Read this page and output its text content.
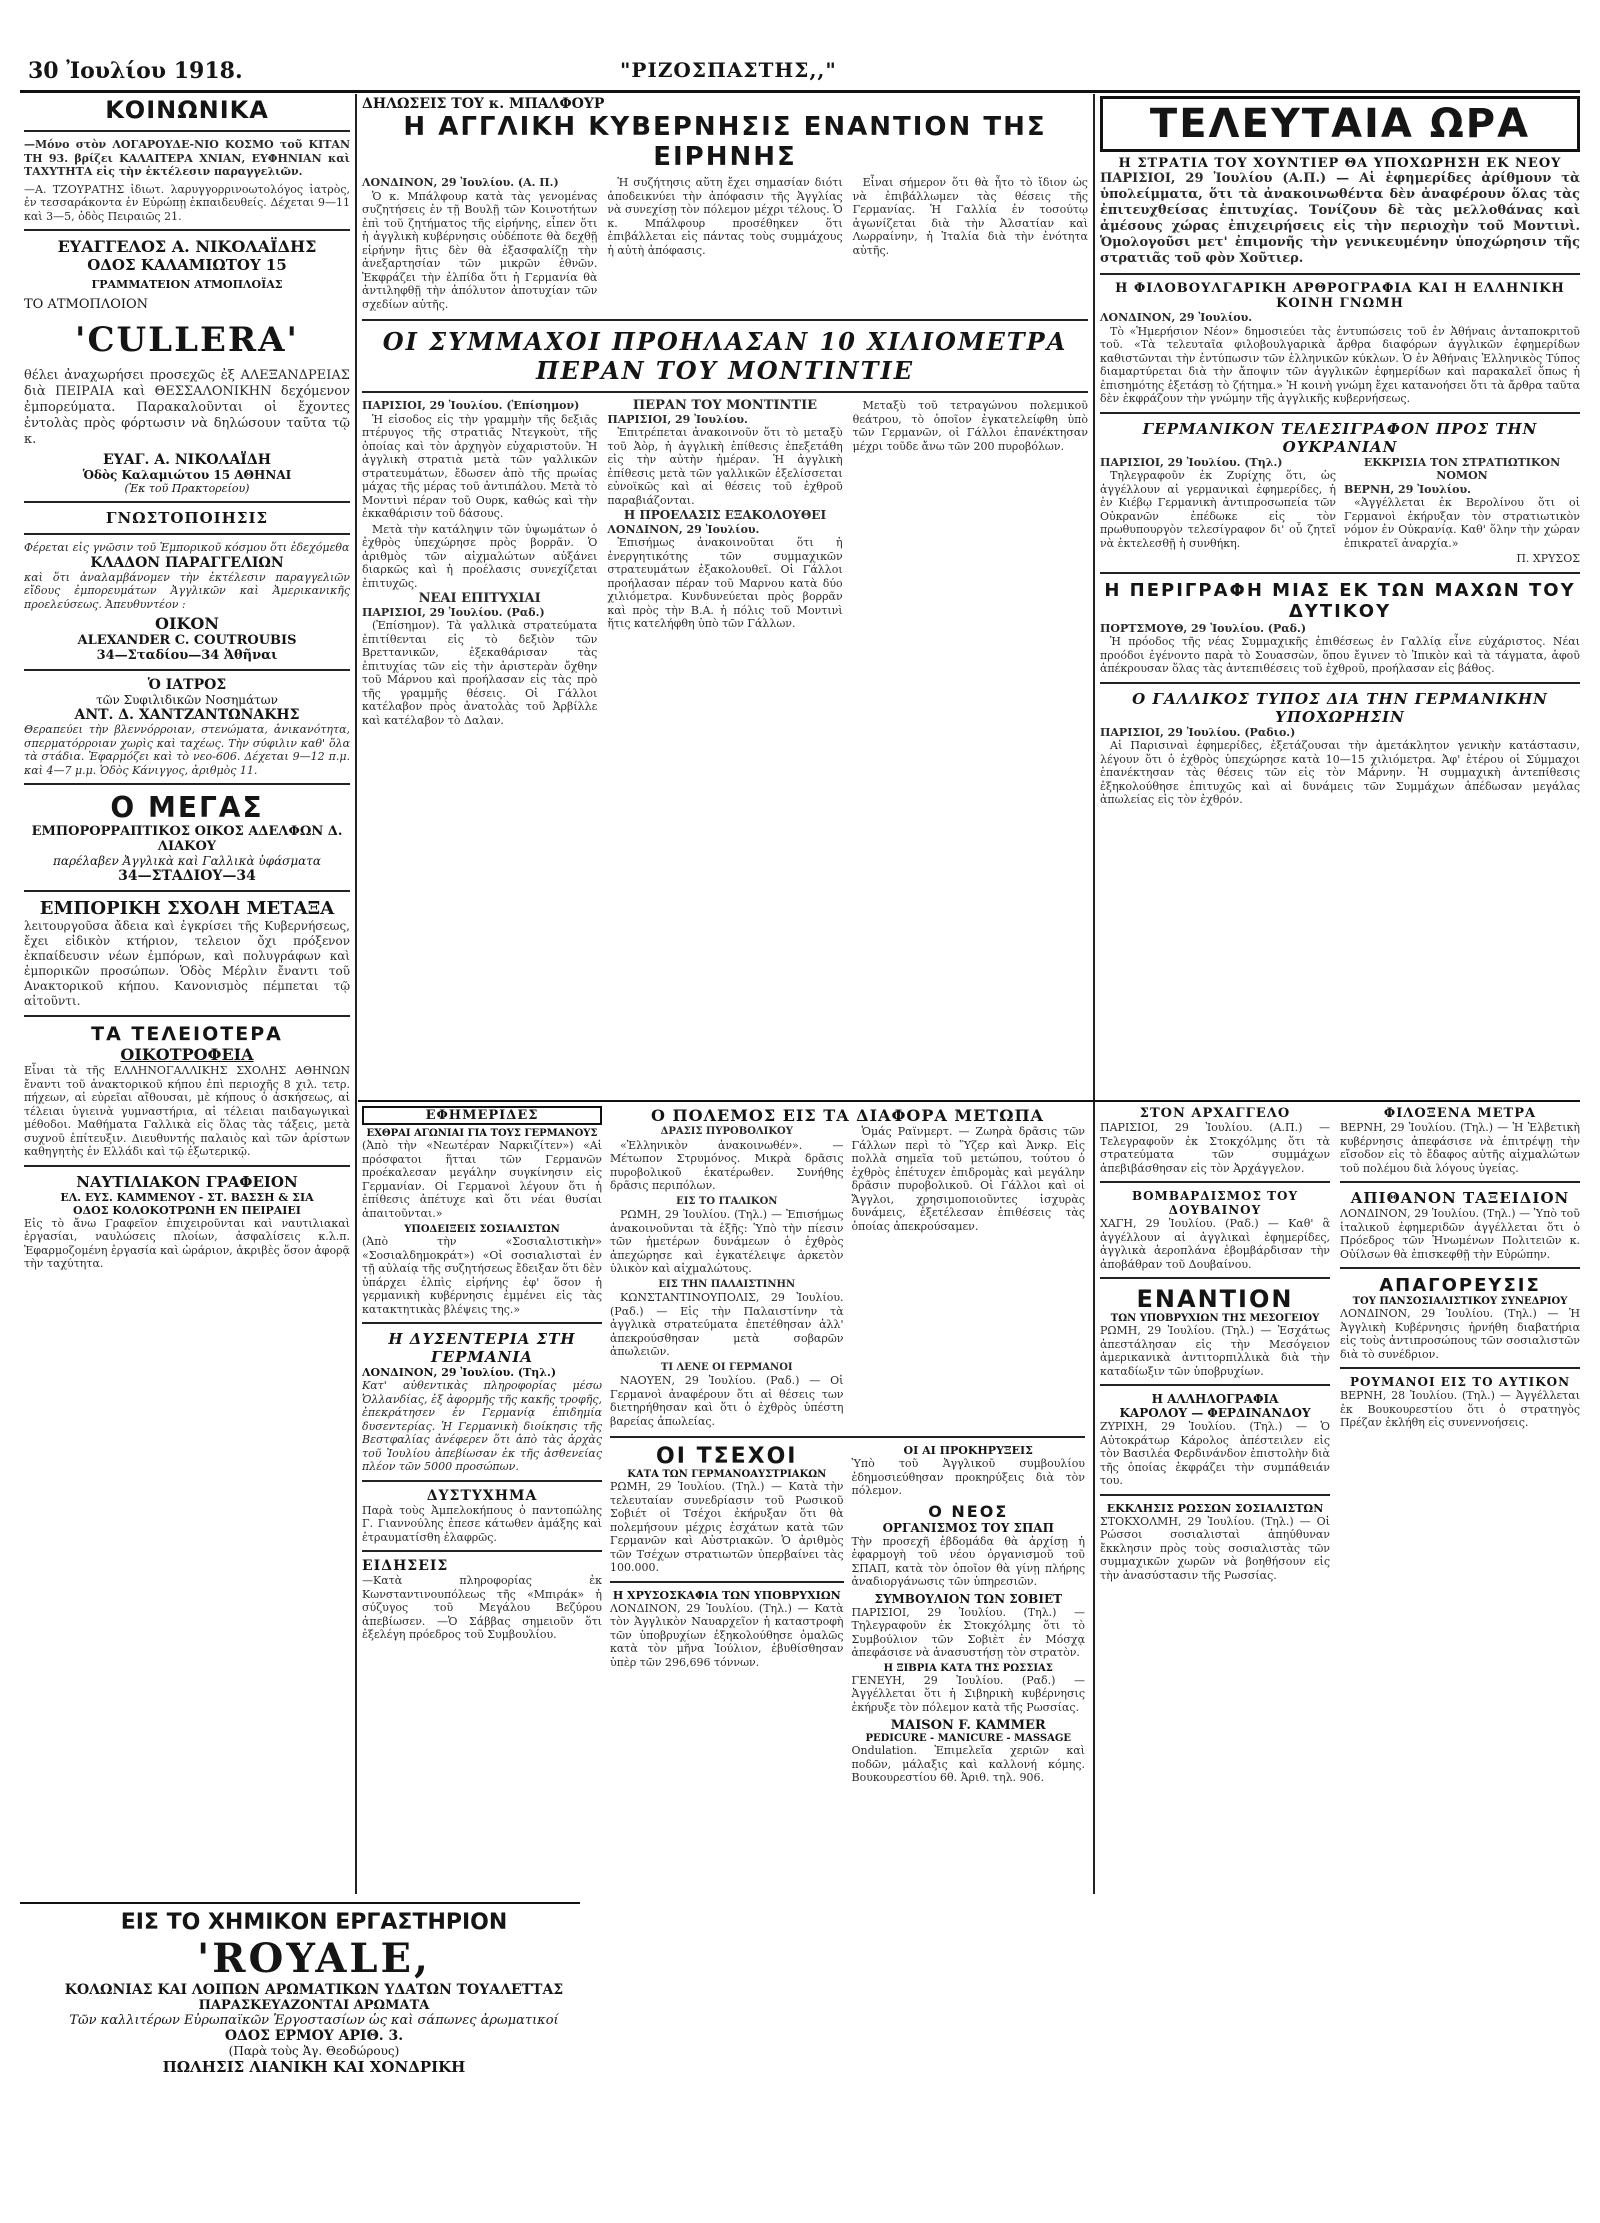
30 Ἰουλίου 1918.	"ΡΙΖΟΣΠΑΣΤΗΣ,,"
ΚΟΙΝΩΝΙΚΑ
—Μόνο στὸν ΛΟΓΑΡΟΥΔΕ-ΝΙΟ ΚΟΣΜΟ τοῦ ΚΙΤΑΝ ΤΗ 93. βρίζει ΚΑΛΑΙΤΕΡΑ ΧΝΙΑΝ, ΕΥΦΗΝΙΑΝ καὶ ΤΑΧΥΤΗΤΑ εἰς τὴν ἐκτέλεσιν παραγγελιῶν.
—Α. ΤΖΟΥΡΑΤΗΣ ἰδιωτ. λαρυγγορρινοωτολόγος ἰατρὸς, ἐν τεσσαράκοντα ἐν Εὐρώπῃ ἐκπαιδευθείς. Δέχεται 9—11 καὶ 3—5, ὁδὸς Πειραιῶς 21.
ΕΥΑΓΓΕΛΟΣ Α. ΝΙΚΟΛΑΪΔΗΣ
ΟΔΟΣ ΚΑΛΑΜΙΩΤΟΥ 15
ΓΡΑΜΜΑΤΕΙΟΝ ΑΤΜΟΠΛΟΪΑΣ
ΤΟ ΑΤΜΟΠΛΟΙΟΝ
'CULLERA'
θέλει ἀναχωρήσει προσεχῶς ἐξ ΑΛΕΞΑΝΔΡΕΙΑΣ διὰ ΠΕΙΡΑΙΑ καὶ ΘΕΣΣΑΛΟΝΙΚΗΝ δεχόμενον ἐμπορεύματα. Παρακαλοῦνται οἱ ἔχοντες ἐντολὰς πρὸς φόρτωσιν νὰ δηλώσουν ταῦτα τῷ κ.
ΕΥΑΓ. Α. ΝΙΚΟΛΑΪΔΗ
Ὁδὸς Καλαμιώτου 15 ΑΘΗΝΑΙ
(Ἐκ τοῦ Πρακτορείου)
ΓΝΩΣΤΟΠΟΙΗΣΙΣ
Φέρεται εἰς γνῶσιν τοῦ Ἐμπορικοῦ κόσμου ὅτι ἐδεχόμεθα
ΚΛΑΔΟΝ ΠΑΡΑΓΓΕΛΙΩΝ
καὶ ὅτι ἀναλαμβάνομεν τὴν ἐκτέλεσιν παραγγελιῶν εἴδους ἐμπορευμάτων Ἀγγλικῶν καὶ Ἀμερικανικῆς προελεύσεως. Ἀπευθυντέον :
ΟΙΚΟΝ
ALEXANDER C. COUTROUBIS
34—Σταδίου—34 Ἀθῆναι
Ὁ ΙΑΤΡΟΣ
τῶν Συφιλιδικῶν Νοσημάτων
ΑΝΤ. Δ. ΧΑΝΤΖΑΝΤΩΝΑΚΗΣ
Θεραπεύει τὴν βλεννόρροιαν, στενώματα, ἀνικανότητα, σπερματόρροιαν χωρὶς καὶ ταχέως. Τὴν σύφιλιν καθ' ὅλα τὰ στάδια. Ἐφαρμόζει καὶ τὸ νεο-606. Δέχεται 9—12 π.μ. καὶ 4—7 μ.μ. Ὁδὸς Κάνιγγος, ἀριθμὸς 11.
Ο ΜΕΓΑΣ
ΕΜΠΟΡΟΡΡΑΠΤΙΚΟΣ ΟΙΚΟΣ ΑΔΕΛΦΩΝ Δ. ΛΙΑΚΟΥ
παρέλαβεν Ἀγγλικὰ καὶ Γαλλικὰ ὑφάσματα
34—ΣΤΑΔΙΟΥ—34
ΕΜΠΟΡΙΚΗ ΣΧΟΛΗ ΜΕΤΑΞΑ
λειτουργοῦσα ἄδεια καὶ ἐγκρίσει τῆς Κυβερνήσεως, ἔχει εἰδικὸν κτήριον, τελειον ὄχι πρόξενον ἐκπαίδευσιν νέων ἐμπόρων, καὶ πολυγράφων καὶ ἐμπορικῶν προσώπων. Ὁδὸς Μέρλιν ἔναντι τοῦ Ανακτορικοῦ κήπου. Κανονισμὸς πέμπεται τῷ αἰτοῦντι.
ΤΑ ΤΕΛΕΙΟΤΕΡΑ
ΟΙΚΟΤΡΟΦΕΙΑ
Εἶναι τὰ τῆς ΕΛΛΗΝΟΓΑΛΛΙΚΗΣ ΣΧΟΛΗΣ ΑΘΗΝΩΝ ἔναντι τοῦ ἀνακτορικοῦ κήπου ἐπὶ περιοχῆς 8 χιλ. τετρ. πήχεων, αἱ εὐρεῖαι αἴθουσαι, μὲ κήπους ὁ ἀσκήσεως, αἱ τέλειαι ὑγιεινὰ γυμναστήρια, αἱ τέλειαι παιδαγωγικαὶ μέθοδοι. Μαθήματα Γαλλικὰ εἰς ὅλας τὰς τάξεις, μετὰ συχνοῦ ἐπίτευξιν. Διευθυντής παλαιὸς καὶ τῶν ἀρίστων καθηγητὴς ἐν Ελλάδι καὶ τῷ ἐξωτερικῷ.
ΝΑΥΤΙΛΙΑΚΟΝ ΓΡΑΦΕΙΟΝ
ΕΛ. ΕΥΣ. ΚΑΜΜΕΝΟΥ - ΣΤ. ΒΑΣΣΗ & ΣΙΑ
ΟΔΟΣ ΚΟΛΟΚΟΤΡΩΝΗ ΕΝ ΠΕΙΡΑΙΕΙ
Εἰς τὸ ἄνω Γραφεῖον ἐπιχειροῦνται καὶ ναυτιλιακαὶ ἐργασίαι, ναυλώσεις πλοίων, ἀσφαλίσεις κ.λ.π. Ἐφαρμοζομένη ἐργασία καὶ ὠράριον, ἀκριβὲς ὅσον ἀφορᾷ τὴν ταχύτητα.
ΔΗΛΩΣΕΙΣ ΤΟΥ κ. ΜΠΑΛΦΟΥΡ
Η ΑΓΓΛΙΚΗ ΚΥΒΕΡΝΗΣΙΣ ΕΝΑΝΤΙΟΝ ΤΗΣ ΕΙΡΗΝΗΣ
ΛΟΝΔΙΝΟΝ, 29 Ἰουλίου. (Α. Π.)

Ὁ κ. Μπάλφουρ κατὰ τὰς γενομένας συζητήσεις ἐν τῇ Βουλῇ τῶν Κοινοτήτων ἐπὶ τοῦ ζητήματος τῆς εἰρήνης, εἶπεν ὅτι ἡ ἀγγλικὴ κυβέρνησις οὐδέποτε θὰ δεχθῇ εἰρήνην ἣτις δὲν θὰ ἐξασφαλίζῃ τὴν ἀνεξαρτησίαν τῶν μικρῶν ἐθνῶν. Ἐκφράζει τὴν ἐλπίδα ὅτι ἡ Γερμανία θὰ ἀντιληφθῇ τὴν ἀπόλυτον ἀποτυχίαν τῶν σχεδίων αὐτῆς.

Ἡ συζήτησις αὕτη ἔχει σημασίαν διότι ἀποδεικνύει τὴν ἀπόφασιν τῆς Ἀγγλίας νὰ συνεχίσῃ τὸν πόλεμον μέχρι τέλους. Ὁ κ. Μπάλφουρ προσέθηκεν ὅτι ἐπιβάλλεται εἰς πάντας τοὺς συμμάχους ἡ αὐτὴ ἀπόφασις.

Εἶναι σήμερον ὅτι θὰ ἦτο τὸ ἴδιον ὡς νὰ ἐπιβάλλωμεν τὰς θέσεις τῆς Γερμανίας. Ἡ Γαλλία ἐν τοσούτῳ ἀγωνίζεται διὰ τὴν Ἀλσατίαν καὶ Λωρραίνην, ἡ Ἰταλία διὰ τὴν ἐνότητα αὐτῆς.

ΟΙ ΣΥΜΜΑΧΟΙ ΠΡΟΗΛΑΣΑΝ 10 ΧΙΛΙΟΜΕΤΡΑ ΠΕΡΑΝ ΤΟΥ ΜΟΝΤΙΝΤΙΕ
ΠΑΡΙΣΙΟΙ, 29 Ἰουλίου. (Ἐπίσημον)

Ἡ εἰσοδος εἰς τὴν γραμμὴν τῆς δεξιᾶς πτέρυγος τῆς στρατιᾶς Ντεγκοὺτ, τῆς ὁποίας καὶ τὸν ἀρχηγὸν εὐχαριστοῦν. Ἡ ἀγγλικὴ στρατιὰ μετὰ τῶν γαλλικῶν στρατευμάτων, ἔδωσεν ἀπὸ τῆς πρωίας μάχας τῆς μέρας τοῦ ἀντιπάλου. Μετὰ τὸ Μοντινὶ πέραν τοῦ Ουρκ, καθώς καὶ τὴν ἐκκαθάρισιν τοῦ δάσους.

Μετὰ τὴν κατάληψιν τῶν ὑψωμάτων ὁ ἐχθρὸς ὑπεχώρησε πρὸς βορρᾶν. Ὁ ἀριθμὸς τῶν αἰχμαλώτων αὐξάνει διαρκῶς καὶ ἡ προέλασις συνεχίζεται ἐπιτυχῶς.

ΝΕΑΙ ΕΠΙΤΥΧΙΑΙ
ΠΑΡΙΣΙΟΙ, 29 Ἰουλίου. (Ραδ.)

(Ἐπίσημον). Τὰ γαλλικὰ στρατεύματα ἐπιτίθενται εἰς τὸ δεξιὸν τῶν Βρεττανικῶν, ἐξεκαθάρισαν τὰς ἐπιτυχίας τῶν εἰς τὴν ἀριστερὰν ὄχθην τοῦ Μάρνου καὶ προήλασαν εἰς τὰς πρὸ τῆς γραμμῆς θέσεις. Οἱ Γάλλοι κατέλαβον πρὸς ἀνατολὰς τοῦ Ἀρβίλλε καὶ κατέλαβον τὸ Δαλαν.

ΠΕΡΑΝ ΤΟΥ ΜΟΝΤΙΝΤΙΕ
ΠΑΡΙΣΙΟΙ, 29 Ἰουλίου.

Ἐπιτρέπεται ἀνακοινοῦν ὅτι τὸ μεταξὺ τοῦ Ἀὸρ, ἡ ἀγγλικὴ ἐπίθεσις ἐπεξετάθη εἰς τὴν αὐτὴν ἡμέραν. Ἡ ἀγγλικὴ ἐπίθεσις μετὰ τῶν γαλλικῶν ἐξελίσσεται εὐνοϊκῶς καὶ αἱ θέσεις τοῦ ἐχθροῦ παραβιάζονται.

Η ΠΡΟΕΛΑΣΙΣ ΕΞΑΚΟΛΟΥΘΕΙ
ΛΟΝΔΙΝΟΝ, 29 Ἰουλίου.

Ἐπισήμως ἀνακοινοῦται ὅτι ἡ ἐνεργητικότης τῶν συμμαχικῶν στρατευμάτων ἐξακολουθεῖ. Οἱ Γάλλοι προήλασαν πέραν τοῦ Μαρνου κατὰ δύο χιλιόμετρα. Κυνδυνεύεται πρὸς βορρᾶν καὶ πρὸς τὴν Β.Α. ἡ πόλις τοῦ Μοντινὶ ἥτις κατελήφθη ὑπὸ τῶν Γάλλων.

Μεταξὺ τοῦ τετραγώνου πολεμικοῦ θεάτρου, τὸ ὁποῖον ἐγκατελείφθη ὑπὸ τῶν Γερμανῶν, οἱ Γάλλοι ἐπανέκτησαν μέχρι τοῦδε ἄνω τῶν 200 πυροβόλων.

ΤΕΛΕΥΤΑΙΑ ΩΡΑ
Η ΣΤΡΑΤΙΑ ΤΟΥ ΧΟΥΝΤΙΕΡ ΘΑ ΥΠΟΧΩΡΗΣΗ ΕΚ ΝΕΟΥ
ΠΑΡΙΣΙΟΙ, 29 Ἰουλίου (Α.Π.) — Αἱ ἐφημερίδες ἀρίθμουν τὰ ὑπολείμματα, ὅτι τὰ ἀνακοινωθέντα δὲν ἀναφέρουν ὅλας τὰς ἐπιτευχθείσας ἐπιτυχίας. Τονίζουν δὲ τὰς μελλοθάνας καὶ ἀμέσους χώρας ἐπιχειρήσεις εἰς τὴν περιοχὴν τοῦ Μοντινὶ. Ὁμολογοῦσι μετ' ἐπιμονῆς τὴν γενικευμένην ὑποχώρησιν τῆς στρατιᾶς τοῦ φὸν Χοῦτιερ.
Η ΦΙΛΟΒΟΥΛΓΑΡΙΚΗ ΑΡΘΡΟΓΡΑΦΙΑ ΚΑΙ Η ΕΛΛΗΝΙΚΗ ΚΟΙΝΗ ΓΝΩΜΗ
ΛΟΝΔΙΝΟΝ, 29 Ἰουλίου.

Τὸ «Ἡμερήσιον Νέον» δημοσιεύει τὰς ἐντυπώσεις τοῦ ἐν Ἀθήναις ἀνταποκριτοῦ τοῦ. «Τὰ τελευταῖα φιλοβουλγαρικὰ ἄρθρα διαφόρων ἀγγλικῶν ἐφημερίδων καθιστῶνται τὴν ἐντύπωσιν τῶν ἑλληνικῶν κύκλων. Ὁ ἐν Ἀθήναις Ἑλληνικὸς Τύπος διαμαρτύρεται διὰ τὴν ἄποψιν τῶν ἀγγλικῶν ἐφημερίδων καὶ παρακαλεῖ ὅπως ἡ ἐπισημότης ἐξετάσῃ τὸ ζήτημα.» Ἡ κοινὴ γνώμη ἔχει κατανοήσει ὅτι τὰ ἄρθρα ταῦτα δὲν ἐκφράζουν τὴν γνώμην τῆς ἀγγλικῆς κυβερνήσεως.

ΓΕΡΜΑΝΙΚΟΝ ΤΕΛΕΣΙΓΡΑΦΟΝ ΠΡΟΣ ΤΗΝ ΟΥΚΡΑΝΙΑΝ
ΠΑΡΙΣΙΟΙ, 29 Ἰουλίου. (Τηλ.)

Τηλεγραφοῦν ἐκ Ζυρίχης ὅτι, ὡς ἀγγέλλουν αἱ γερμανικαὶ ἐφημερίδες, ἡ ἐν Κιέβῳ Γερμανικὴ ἀντιπροσωπεία τῶν Οὐκρανῶν ἐπέδωκε εἰς τὸν πρωθυπουργὸν τελεσίγραφον δι' οὗ ζητεῖ νὰ ἐκτελεσθῇ ἡ συνθήκη.

ΕΚΚΡΙΣΙΑ ΤΟΝ ΣΤΡΑΤΙΩΤΙΚΟΝ ΝΟΜΟΝ
ΒΕΡΝΗ, 29 Ἰουλίου.

«Ἀγγέλλεται ἐκ Βερολίνου ὅτι οἱ Γερμανοὶ ἐκήρυξαν τὸν στρατιωτικὸν νόμον ἐν Οὐκρανίᾳ. Καθ' ὅλην τὴν χώραν ἐπικρατεῖ ἀναρχία.»

Π. ΧΡΥΣΟΣ
Η ΠΕΡΙΓΡΑΦΗ ΜΙΑΣ ΕΚ ΤΩΝ ΜΑΧΩΝ ΤΟΥ ΔΥΤΙΚΟΥ
ΠΟΡΤΣΜΟΥΘ, 29 Ἰουλίου. (Ραδ.)

Ἡ πρόοδος τῆς νέας Συμμαχικῆς ἐπιθέσεως ἐν Γαλλίᾳ εἶνε εὐχάριστος. Νέαι προόδοι ἐγένοντο παρὰ τὸ Σουασσὼν, ὅπου ἔγινεν τὸ Ἰπικὸν καὶ τὰ τάγματα, ἀφοῦ ἀπέκρουσαν ὅλας τὰς ἀντεπιθέσεις τοῦ ἐχθροῦ, προήλασαν εἰς βάθος.

Ο ΓΑΛΛΙΚΟΣ ΤΥΠΟΣ ΔΙΑ ΤΗΝ ΓΕΡΜΑΝΙΚΗΝ ΥΠΟΧΩΡΗΣΙΝ
ΠΑΡΙΣΙΟΙ, 29 Ἰουλίου. (Ραδιο.)

Αἱ Παρισιναὶ ἐφημερίδες, ἐξετάζουσαι τὴν ἀμετάκλητον γενικὴν κατάστασιν, λέγουν ὅτι ὁ ἐχθρὸς ὑπεχώρησε κατὰ 10—15 χιλιόμετρα. Ἀφ' ἑτέρου οἱ Σύμμαχοι ἐπανέκτησαν τὰς θέσεις τῶν εἰς τὸν Μάρνην. Ἡ συμμαχικὴ ἀντεπίθεσις ἐξηκολούθησε ἐπιτυχῶς καὶ αἱ δυνάμεις τῶν Συμμάχων ἀπέδωσαν μεγάλας ἀπωλείας εἰς τὸν ἐχθρόν.

ΕΦΗΜΕΡΙΔΕΣ
ΕΧΘΡΑΙ ΑΓΩΝΙΑΙ ΓΙΑ ΤΟΥΣ ΓΕΡΜΑΝΟΥΣ
(Ἀπὸ τὴν «Νεωτέραν Ναρκιζίτεν») «Αἱ πρόσφατοι ἥτται τῶν Γερμανῶν προέκαλεσαν μεγάλην συγκίνησιν εἰς Γερμανίαν. Οἱ Γερμανοὶ λέγουν ὅτι ἡ ἐπίθεσις ἀπέτυχε καὶ ὅτι νέαι θυσίαι ἀπαιτοῦνται.»
ΥΠΟΔΕΙΞΕΙΣ ΣΟΣΙΑΛΙΣΤΩΝ
(Ἀπὸ τὴν «Σοσιαλιστικὴν» «Σοσιαλδημοκράτ») «Οἱ σοσιαλισταὶ ἐν τῇ αὐλαίᾳ τῆς συζητήσεως ἔδειξαν ὅτι δὲν ὑπάρχει ἐλπὶς εἰρήνης ἐφ' ὅσον ἡ γερμανικὴ κυβέρνησις ἐμμένει εἰς τὰς κατακτητικὰς βλέψεις της.»
Η ΔΥΣΕΝΤΕΡΙΑ ΣΤΗ ΓΕΡΜΑΝΙΑ
ΛΟΝΔΙΝΟΝ, 29 Ἰουλίου. (Τηλ.)
Κατ' αὐθεντικὰς πληροφορίας μέσω Ὁλλανδίας, ἐξ ἀφορμῆς τῆς κακῆς τροφῆς, ἐπεκράτησεν ἐν Γερμανίᾳ ἐπιδημία δυσεντερίας. Ἡ Γερμανικὴ διοίκησις τῆς Βεστφαλίας ἀνέφερεν ὅτι ἀπὸ τὰς ἀρχὰς τοῦ Ἰουλίου ἀπεβίωσαν ἐκ τῆς ἀσθενείας πλέον τῶν 5000 προσώπων.
ΔΥΣΤΥΧΗΜΑ
Παρὰ τοὺς Ἀμπελοκήπους ὁ παντοπώλης Γ. Γιαννούλης ἐπεσε κάτωθεν ἁμάξης καὶ ἐτραυματίσθη ἐλαφρῶς.
ΕΙΔΗΣΕΙΣ
—Κατὰ πληροφορίας ἐκ Κωνσταντινουπόλεως τῆς «Μπιράκ» ἡ σύζυγος τοῦ Μεγάλου Βεζύρου ἀπεβίωσεν. —Ὁ Σάββας σημειοῦν ὅτι ἐξελέγη πρόεδρος τοῦ Συμβουλίου.
Ο ΠΟΛΕΜΟΣ ΕΙΣ ΤΑ ΔΙΑΦΟΡΑ ΜΕΤΩΠΑ
ΔΡΑΣΙΣ ΠΥΡΟΒΟΛΙΚΟΥ

«Ἐλληνικὸν ἀνακοινωθέν». — Μέτωπον Στρυμόνος. Μικρὰ δρᾶσις πυροβολικοῦ ἑκατέρωθεν. Συνήθης δρᾶσις περιπόλων.

ΕΙΣ ΤΟ ΙΤΑΛΙΚΟΝ

ΡΩΜΗ, 29 Ἰουλίου. (Τηλ.) — Ἐπισήμως ἀνακοινοῦνται τὰ ἑξῆς: Ὑπὸ τὴν πίεσιν τῶν ἡμετέρων δυνάμεων ὁ ἐχθρὸς ἀπεχώρησε καὶ ἐγκατέλειψε ἀρκετὸν ὑλικὸν καὶ αἰχμαλώτους.

ΕΙΣ ΤΗΝ ΠΑΛΑΙΣΤΙΝΗΝ

ΚΩΝΣΤΑΝΤΙΝΟΥΠΟΛΙΣ, 29 Ἰουλίου. (Ραδ.) — Εἰς τὴν Παλαιστίνην τὰ ἀγγλικὰ στρατεύματα ἐπετέθησαν ἀλλ' ἀπεκρούσθησαν μετὰ σοβαρῶν ἀπωλειῶν.

ΤΙ ΛΕΝΕ ΟΙ ΓΕΡΜΑΝΟΙ

ΝΑΟΥΕΝ, 29 Ἰουλίου. (Ραδ.) — Οἱ Γερμανοὶ ἀναφέρουν ὅτι αἱ θέσεις των διετηρήθησαν καὶ ὅτι ὁ ἐχθρὸς ὑπέστη βαρείας ἀπωλείας.

Ὁμάς Ραϊνμερτ. — Ζωηρὰ δρᾶσις τῶν Γάλλων περὶ τὸ Ὕζερ καὶ Ἀνκρ. Εἰς πολλὰ σημεῖα τοῦ μετώπου, τούτου ὁ ἐχθρὸς ἐπέτυχεν ἐπιδρομὰς καὶ μεγάλην δρᾶσιν πυροβολικοῦ. Οἱ Γάλλοι καὶ οἱ Ἄγγλοι, χρησιμοποιοῦντες ἰσχυρὰς δυνάμεις, ἐξετέλεσαν ἐπιθέσεις τὰς ὁποίας ἀπεκρούσαμεν.

ΟΙ ΤΣΕΧΟΙ
ΚΑΤΑ ΤΩΝ ΓΕΡΜΑΝΟΑΥΣΤΡΙΑΚΩΝ
ΡΩΜΗ, 29 Ἰουλίου. (Τηλ.) — Κατὰ τὴν τελευταίαν συνεδρίασιν τοῦ Ρωσικοῦ Σοβιέτ οἱ Τσέχοι ἐκήρυξαν ὅτι θὰ πολεμήσουν μέχρις ἐσχάτων κατὰ τῶν Γερμανῶν καὶ Αὐστριακῶν. Ὁ ἀριθμὸς τῶν Τσέχων στρατιωτῶν ὑπερβαίνει τὰς 100.000.
Η ΧΡΥΣΟΣΚΑΦΙΑ ΤΩΝ ΥΠΟΒΡΥΧΙΩΝ
ΛΟΝΔΙΝΟΝ, 29 Ἰουλίου. (Τηλ.) — Κατὰ τὸν Ἀγγλικὸν Ναυαρχεῖον ἡ καταστροφὴ τῶν ὑποβρυχίων ἐξηκολούθησε ὁμαλῶς κατὰ τὸν μῆνα Ἰούλιον, ἐβυθίσθησαν ὑπὲρ τῶν 296,696 τόννων.
ΟΙ ΑΙ ΠΡΟΚΗΡΥΞΕΙΣ
Ὑπὸ τοῦ Ἀγγλικοῦ συμβουλίου ἐδημοσιεύθησαν προκηρύξεις διὰ τὸν πόλεμον.
Ο ΝΕΟΣ
ΟΡΓΑΝΙΣΜΟΣ ΤΟΥ ΣΠΑΠ
Τὴν προσεχῆ ἑβδομάδα θὰ ἀρχίσῃ ἡ ἐφαρμογὴ τοῦ νέου ὀργανισμοῦ τοῦ ΣΠΑΠ, κατὰ τὸν ὁποῖον θὰ γίνῃ πλήρης ἀναδιοργάνωσις τῶν ὑπηρεσιῶν.
ΣΥΜΒΟΥΛΙΟΝ ΤΩΝ ΣΟΒΙΕΤ
ΠΑΡΙΣΙΟΙ, 29 Ἰουλίου. (Τηλ.) — Τηλεγραφοῦν ἐκ Στοκχόλμης ὅτι τὸ Συμβούλιον τῶν Σοβιὲτ ἐν Μόσχᾳ ἀπεφάσισε νὰ ἀνασυστήσῃ τὸν στρατὸν.
Η ΞΙΒΡΙΑ ΚΑΤΑ ΤΗΣ ΡΩΣΣΙΑΣ
ΓΕΝΕΥΗ, 29 Ἰουλίου. (Ραδ.) — Ἀγγέλλεται ὅτι ἡ Σιβηρικὴ κυβέρνησις ἐκήρυξε τὸν πόλεμον κατὰ τῆς Ρωσσίας.
MAISON F. KAMMER
PEDICURE - MANICURE - MASSAGE
Ondulation. Ἐπιμελεῖα χεριῶν καὶ ποδῶν, μάλαξις καὶ καλλονή κόμης. Βουκουρεστίου 6θ. Ἀριθ. τηλ. 906.
ΣΤΟΝ ΑΡΧΑΓΓΕΛΟ
ΠΑΡΙΣΙΟΙ, 29 Ἰουλίου. (Α.Π.) — Τελεγραφοῦν ἐκ Στοκχόλμης ὅτι τὰ στρατεύματα τῶν συμμάχων ἀπεβιβάσθησαν εἰς τὸν Ἀρχάγγελον.
ΒΟΜΒΑΡΔΙΣΜΟΣ ΤΟΥ ΔΟΥΒΑΙΝΟΥ
ΧΑΓΗ, 29 Ἰουλίου. (Ραδ.) — Καθ' ἃ ἀγγέλλουν αἱ ἀγγλικαὶ ἐφημερίδες, ἀγγλικὰ ἀεροπλάνα ἐβομβάρδισαν τὴν ἀποβάθραν τοῦ Δουβαίνου.
ΕΝΑΝΤΙΟΝ
ΤΩΝ ΥΠΟΒΡΥΧΙΩΝ ΤΗΣ ΜΕΣΟΓΕΙΟΥ
ΡΩΜΗ, 29 Ἰουλίου. (Τηλ.) — Ἐσχάτως ἀπεστάλησαν εἰς τὴν Μεσόγειον ἀμερικανικὰ ἀντιτορπιλλικὰ διὰ τὴν καταδίωξιν τῶν ὑποβρυχίων.
Η ΑΛΛΗΛΟΓΡΑΦΙΑ
ΚΑΡΟΛΟΥ — ΦΕΡΔΙΝΑΝΔΟΥ
ΖΥΡΙΧΗ, 29 Ἰουλίου. (Τηλ.) — Ὁ Αὐτοκράτωρ Κάρολος ἀπέστειλεν εἰς τὸν Βασιλέα Φερδινάνδον ἐπιστολὴν διὰ τῆς ὁποίας ἐκφράζει τὴν συμπάθειάν του.
ΕΚΚΛΗΣΙΣ ΡΩΣΣΩΝ ΣΟΣΙΑΛΙΣΤΩΝ
ΣΤΟΚΧΟΛΜΗ, 29 Ἰουλίου. (Τηλ.) — Οἱ Ρώσσοι σοσιαλισταὶ ἀπηύθυναν ἔκκλησιν πρὸς τοὺς σοσιαλιστὰς τῶν συμμαχικῶν χωρῶν νὰ βοηθήσουν εἰς τὴν ἀνασύστασιν τῆς Ρωσσίας.
ΦΙΛΟΞΕΝΑ ΜΕΤΡΑ
ΒΕΡΝΗ, 29 Ἰουλίου. (Τηλ.) — Ἡ Ἐλβετικὴ κυβέρνησις ἀπεφάσισε νὰ ἐπιτρέψῃ τὴν εἴσοδον εἰς τὸ ἔδαφος αὐτῆς αἰχμαλώτων τοῦ πολέμου διὰ λόγους ὑγείας.
ΑΠΙΘΑΝΟΝ ΤΑΞΕΙΔΙΟΝ
ΛΟΝΔΙΝΟΝ, 29 Ἰουλίου. (Τηλ.) — Ὑπὸ τοῦ ἰταλικοῦ ἐφημεριδῶν ἀγγέλλεται ὅτι ὁ Πρόεδρος τῶν Ἡνωμένων Πολιτειῶν κ. Οὐίλσων θὰ ἐπισκεφθῇ τὴν Εὐρώπην.
ΑΠΑΓΟΡΕΥΣΙΣ
ΤΟΥ ΠΑΝΣΟΣΙΑΛΙΣΤΙΚΟΥ ΣΥΝΕΔΡΙΟΥ
ΛΟΝΔΙΝΟΝ, 29 Ἰουλίου. (Τηλ.) — Ἡ Ἀγγλικὴ Κυβέρνησις ἠρνήθη διαβατήρια εἰς τοὺς ἀντιπροσώπους τῶν σοσιαλιστῶν διὰ τὸ συνέδριον.
ΡΟΥΜΑΝΟΙ ΕΙΣ ΤΟ ΑΥΤΙΚΟΝ
ΒΕΡΝΗ, 28 Ἰουλίου. (Τηλ.) — Ἀγγέλλεται ἐκ Βουκουρεστίου ὅτι ὁ στρατηγὸς Πρέζαν ἐκλήθη εἰς συνεννοήσεις.
ΕΙΣ ΤΟ ΧΗΜΙΚΟΝ ΕΡΓΑΣΤΗΡΙΟΝ
'ROYALE,
ΚΟΛΩΝΙΑΣ ΚΑΙ ΛΟΙΠΩΝ ΑΡΩΜΑΤΙΚΩΝ ΥΔΑΤΩΝ ΤΟΥΑΛΕΤΤΑΣ
ΠΑΡΑΣΚΕΥΑΖΟΝΤΑΙ ΑΡΩΜΑΤΑ
Τῶν καλλιτέρων Εὐρωπαϊκῶν Ἐργοστασίων ὡς καὶ σάπωνες ἀρωματικοί
ΟΔΟΣ ΕΡΜΟΥ ΑΡΙΘ. 3.
(Παρὰ τοὺς Ἁγ. Θεοδώρους)
ΠΩΛΗΣΙΣ ΛΙΑΝΙΚΗ ΚΑΙ ΧΟΝΔΡΙΚΗ
